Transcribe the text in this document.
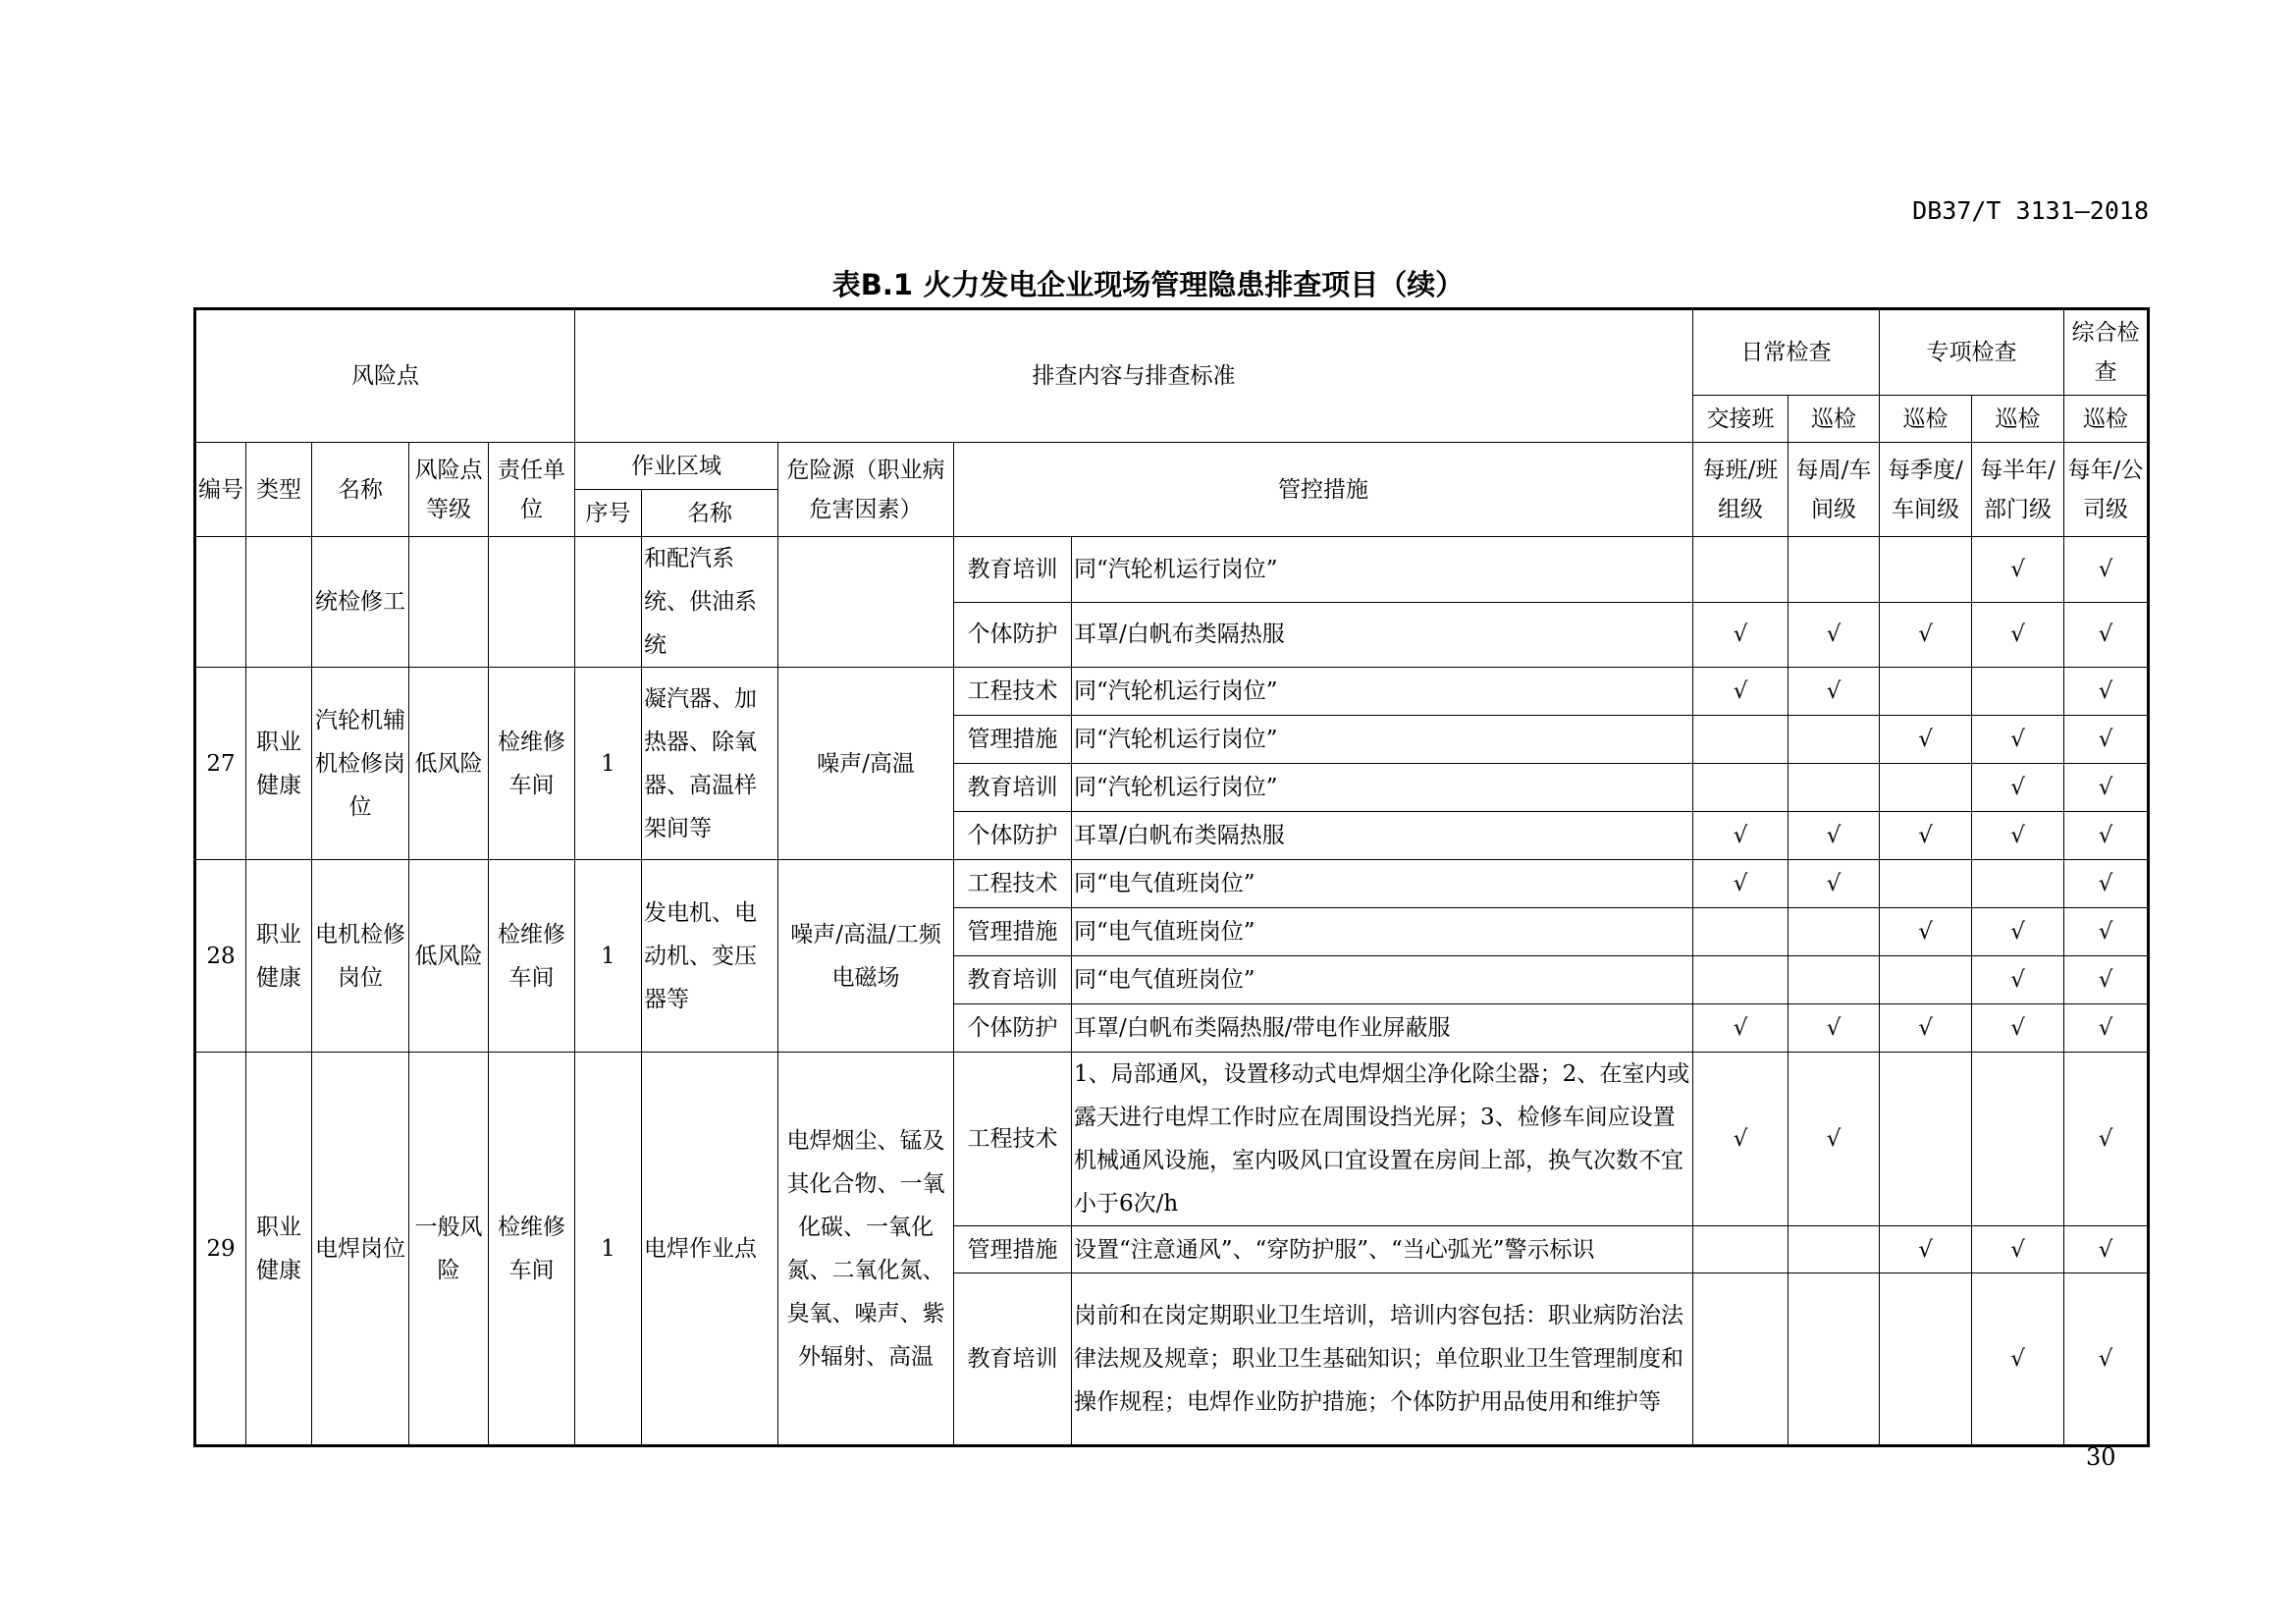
DB37/T 3131—2018
表B.1 火力发电企业现场管理隐患排查项目（续）
风险点					排查内容与排查标准					日常检查		专项检查		综合检查
										交接班	巡检	巡检	巡检	巡检
编号	类型	名称	风险点等级	责任单位	作业区域		危险源（职业病危害因素）	管控措施		每班/班组级	每周/车间级	每季度/车间级	每半年/部门级	每年/公司级
					序号	名称								
		统检修工				和配汽系统、供油系统		教育培训	同“汽轮机运行岗位”				√	√
								个体防护	耳罩/白帆布类隔热服	√	√	√	√	√
27	职业健康	汽轮机辅机检修岗位	低风险	检维修车间	1	凝汽器、加热器、除氧器、高温样架间等	噪声/高温	工程技术	同“汽轮机运行岗位”	√	√			√
								管理措施	同“汽轮机运行岗位”			√	√	√
								教育培训	同“汽轮机运行岗位”				√	√
								个体防护	耳罩/白帆布类隔热服	√	√	√	√	√
28	职业健康	电机检修岗位	低风险	检维修车间	1	发电机、电动机、变压器等	噪声/高温/工频电磁场	工程技术	同“电气值班岗位”	√	√			√
								管理措施	同“电气值班岗位”			√	√	√
								教育培训	同“电气值班岗位”				√	√
								个体防护	耳罩/白帆布类隔热服/带电作业屏蔽服	√	√	√	√	√
29	职业健康	电焊岗位	一般风险	检维修车间	1	电焊作业点	电焊烟尘、锰及其化合物、一氧化碳、一氧化氮、二氧化氮、臭氧、噪声、紫外辐射、高温	工程技术	1、局部通风，设置移动式电焊烟尘净化除尘器；2、在室内或露天进行电焊工作时应在周围设挡光屏；3、检修车间应设置机械通风设施，室内吸风口宜设置在房间上部，换气次数不宜小于6次/h	√	√			√
								管理措施	设置“注意通风”、“穿防护服”、“当心弧光”警示标识			√	√	√
								教育培训	岗前和在岗定期职业卫生培训，培训内容包括：职业病防治法律法规及规章；职业卫生基础知识；单位职业卫生管理制度和操作规程；电焊作业防护措施；个体防护用品使用和维护等				√	√
30
